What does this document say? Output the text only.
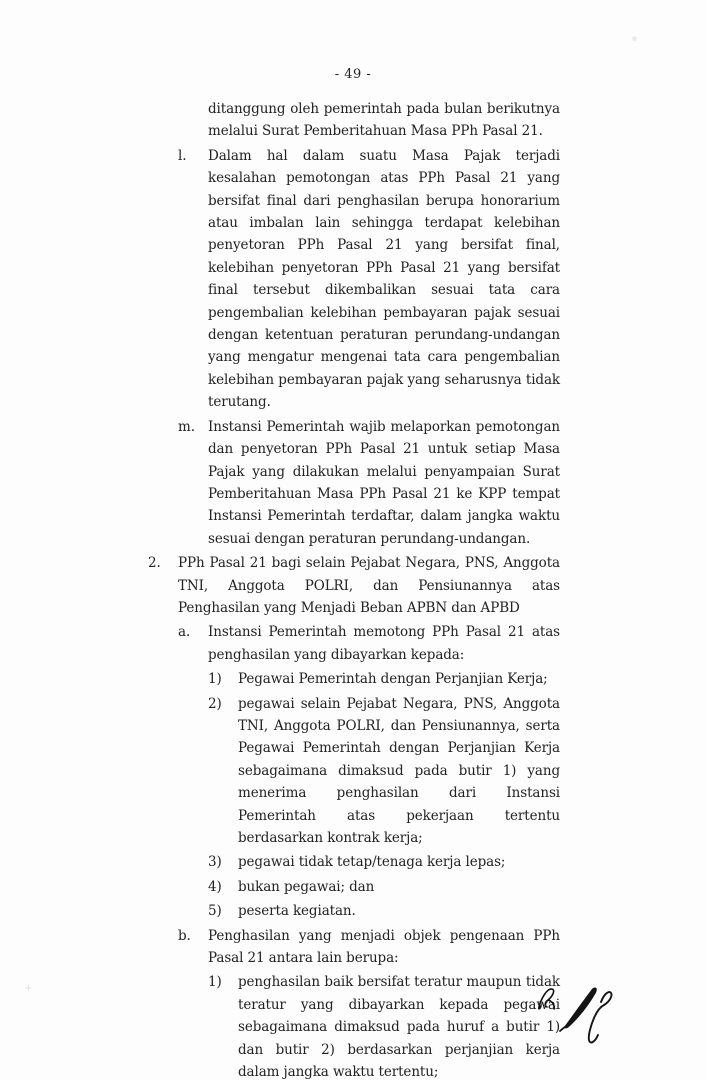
- 49 -
ditanggung oleh pemerintah pada bulan berikutnya melalui Surat Pemberitahuan Masa PPh Pasal 21.
l.	Dalam hal dalam suatu Masa Pajak terjadi kesalahan pemotongan atas PPh Pasal 21 yang bersifat final dari penghasilan berupa honorarium atau imbalan lain sehingga terdapat kelebihan penyetoran PPh Pasal 21 yang bersifat final, kelebihan penyetoran PPh Pasal 21 yang bersifat final tersebut dikembalikan sesuai tata cara pengembalian kelebihan pembayaran pajak sesuai dengan ketentuan peraturan perundang-undangan yang mengatur mengenai tata cara pengembalian kelebihan pembayaran pajak yang seharusnya tidak terutang.
m. Instansi Pemerintah wajib melaporkan pemotongan dan penyetoran PPh Pasal 21 untuk setiap Masa Pajak yang dilakukan melalui penyampaian Surat Pemberitahuan Masa PPh Pasal 21 ke KPP tempat Instansi Pemerintah terdaftar, dalam jangka waktu sesuai dengan peraturan perundang-undangan.
2.	PPh Pasal 21 bagi selain Pejabat Negara, PNS, Anggota TNI, Anggota POLRI, dan Pensiunannya atas Penghasilan yang Menjadi Beban APBN dan APBD
a.	Instansi Pemerintah memotong PPh Pasal 21 atas penghasilan yang dibayarkan kepada:
1)	Pegawai Pemerintah dengan Perjanjian Kerja;
2)	pegawai selain Pejabat Negara, PNS, Anggota TNI, Anggota POLRI, dan Pensiunannya, serta Pegawai Pemerintah dengan Perjanjian Kerja sebagaimana dimaksud pada butir 1) yang menerima penghasilan dari Instansi Pemerintah atas pekerjaan tertentu berdasarkan kontrak kerja;
3)	pegawai tidak tetap/tenaga kerja lepas;
4)	bukan pegawai; dan
5)	peserta kegiatan.
b.	Penghasilan yang menjadi objek pengenaan PPh Pasal 21 antara lain berupa:
1)	penghasilan baik bersifat teratur maupun tidak teratur yang dibayarkan kepada pegawai sebagaimana dimaksud pada huruf a butir 1) dan butir 2) berdasarkan perjanjian kerja dalam jangka waktu tertentu;
+
